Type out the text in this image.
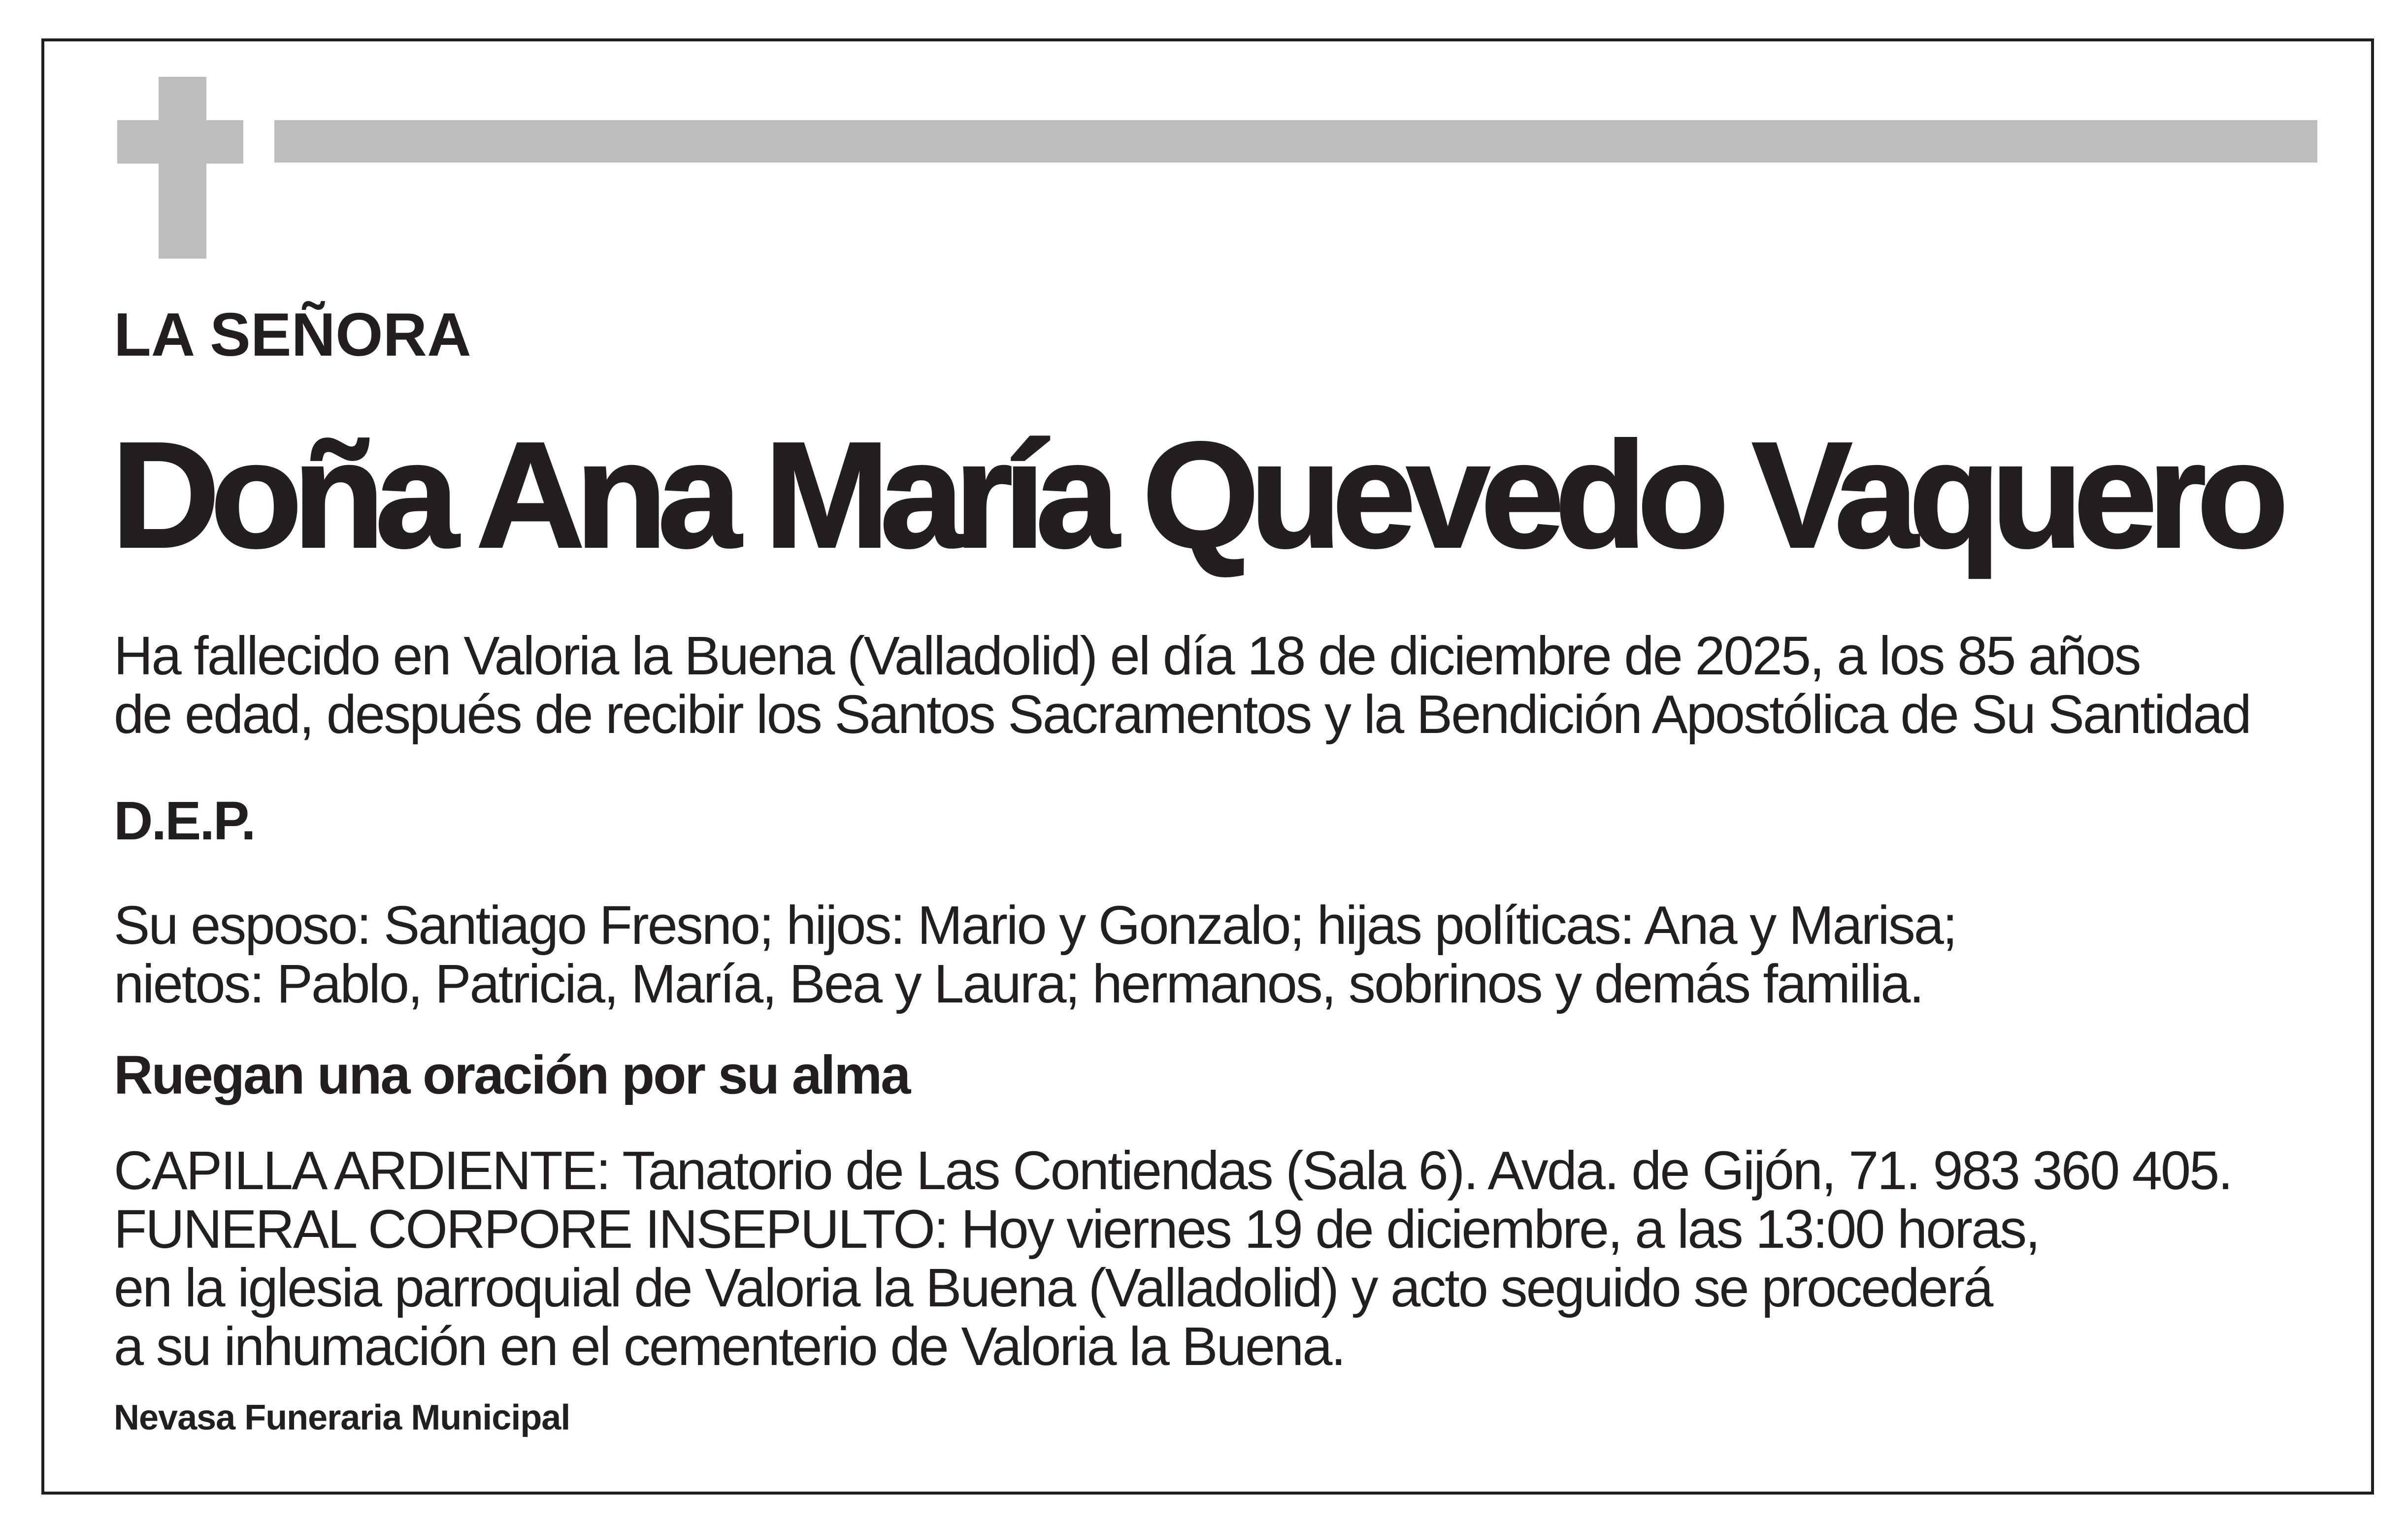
LA SEÑORA
Doña Ana María Quevedo Vaquero
Ha fallecido en Valoria la Buena (Valladolid) el día 18 de diciembre de 2025, a los 85 años
de edad, después de recibir los Santos Sacramentos y la Bendición Apostólica de Su Santidad
D.E.P.
Su esposo: Santiago Fresno; hijos: Mario y Gonzalo; hijas políticas: Ana y Marisa;
nietos: Pablo, Patricia, María, Bea y Laura; hermanos, sobrinos y demás familia.
Ruegan una oración por su alma
CAPILLA ARDIENTE: Tanatorio de Las Contiendas (Sala 6). Avda. de Gijón, 71. 983 360 405.
FUNERAL CORPORE INSEPULTO: Hoy viernes 19 de diciembre, a las 13:00 horas,
en la iglesia parroquial de Valoria la Buena (Valladolid) y acto seguido se procederá
a su inhumación en el cementerio de Valoria la Buena.
Nevasa Funeraria Municipal
